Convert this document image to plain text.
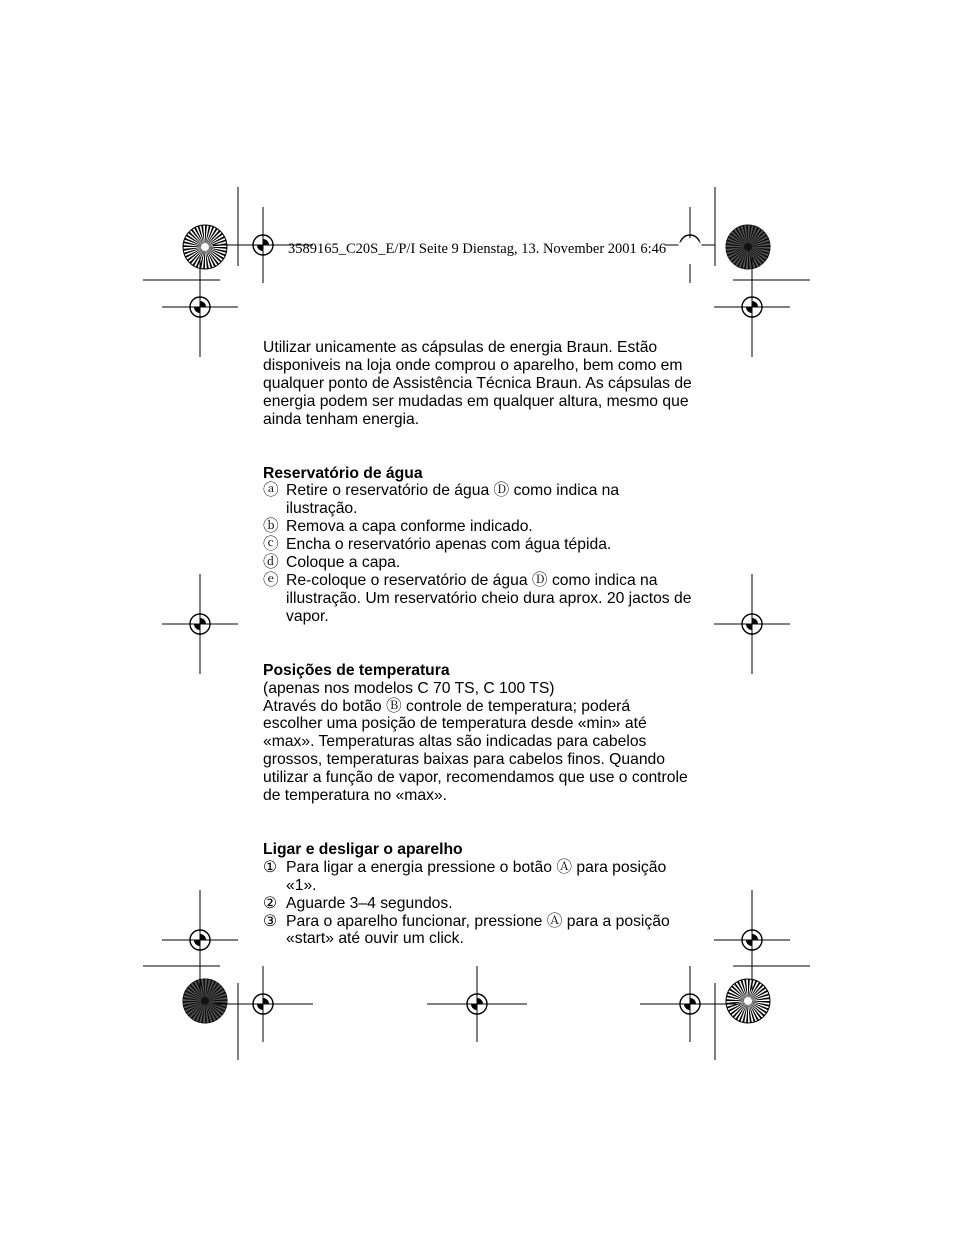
3589165_C20S_E/P/I Seite 9 Dienstag, 13. November 2001 6:46

Utilizar unicamente as cápsulas de energia Braun. Estão disponiveis na loja onde comprou o aparelho, bem como em qualquer ponto de Assistência Técnica Braun. As cápsulas de energia podem ser mudadas em qualquer altura, mesmo que ainda tenham energia.

Reservatório de água

ⓐ Retire o reservatório de água Ⓓ como indica na ilustração.
ⓑ Remova a capa conforme indicado.
ⓒ Encha o reservatório apenas com água tépida.
ⓓ Coloque a capa.
ⓔ Re-coloque o reservatório de água Ⓓ como indica na illustração. Um reservatório cheio dura aprox. 20 jactos de vapor.

Posições de temperatura

(apenas nos modelos C 70 TS, C 100 TS)

Através do botão Ⓑ controle de temperatura; poderá escolher uma posição de temperatura desde «min» até «max». Temperaturas altas são indicadas para cabelos grossos, temperaturas baixas para cabelos finos. Quando utilizar a função de vapor, recomendamos que use o controle de temperatura no «max».

Ligar e desligar o aparelho

① Para ligar a energia pressione o botão Ⓐ para posição «1».
② Aguarde 3–4 segundos.
③ Para o aparelho funcionar, pressione Ⓐ para a posição «start» até ouvir um click.
